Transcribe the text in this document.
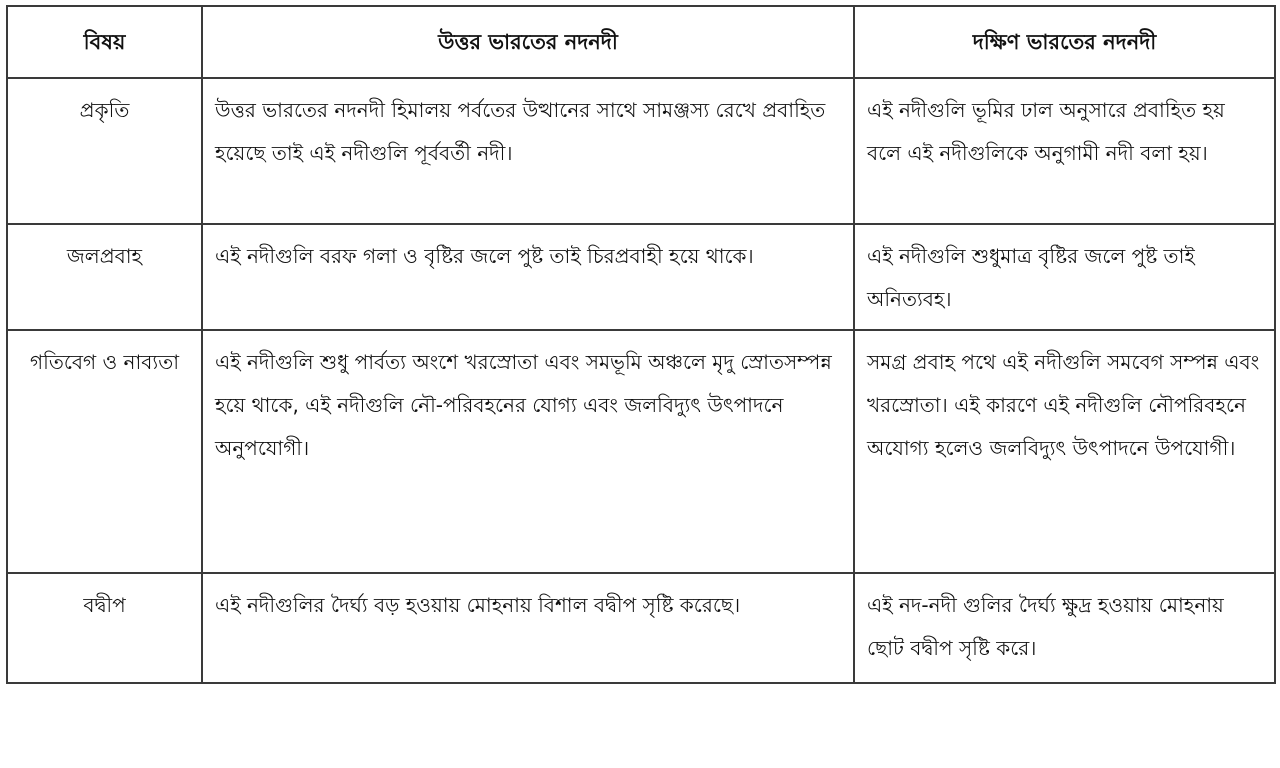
বিষয়	উত্তর ভারতের নদনদী	দক্ষিণ ভারতের নদনদী
প্রকৃতি	উত্তর ভারতের নদনদী হিমালয় পর্বতের উত্থানের সাথে সামঞ্জস্য রেখে প্রবাহিত হয়েছে তাই এই নদীগুলি পূর্ববর্তী নদী।	এই নদীগুলি ভূমির ঢাল অনুসারে প্রবাহিত হয় বলে এই নদীগুলিকে অনুগামী নদী বলা হয়।
জলপ্রবাহ	এই নদীগুলি বরফ গলা ও বৃষ্টির জলে পুষ্ট তাই চিরপ্রবাহী হয়ে থাকে।	এই নদীগুলি শুধুমাত্র বৃষ্টির জলে পুষ্ট তাই অনিত্যবহ।
গতিবেগ ও নাব্যতা	এই নদীগুলি শুধু পার্বত্য অংশে খরস্রোতা এবং সমভূমি অঞ্চলে মৃদু স্রোতসম্পন্ন হয়ে থাকে, এই নদীগুলি নৌ-পরিবহনের যোগ্য এবং জলবিদ্যুৎ উৎপাদনে অনুপযোগী।	সমগ্র প্রবাহ পথে এই নদীগুলি সমবেগ সম্পন্ন এবং খরস্রোতা। এই কারণে এই নদীগুলি নৌপরিবহনে অযোগ্য হলেও জলবিদ্যুৎ উৎপাদনে উপযোগী।
বদ্বীপ	এই নদীগুলির দৈর্ঘ্য বড় হওয়ায় মোহনায় বিশাল বদ্বীপ সৃষ্টি করেছে।	এই নদ-নদী গুলির দৈর্ঘ্য ক্ষুদ্র হওয়ায় মোহনায় ছোট বদ্বীপ সৃষ্টি করে।
